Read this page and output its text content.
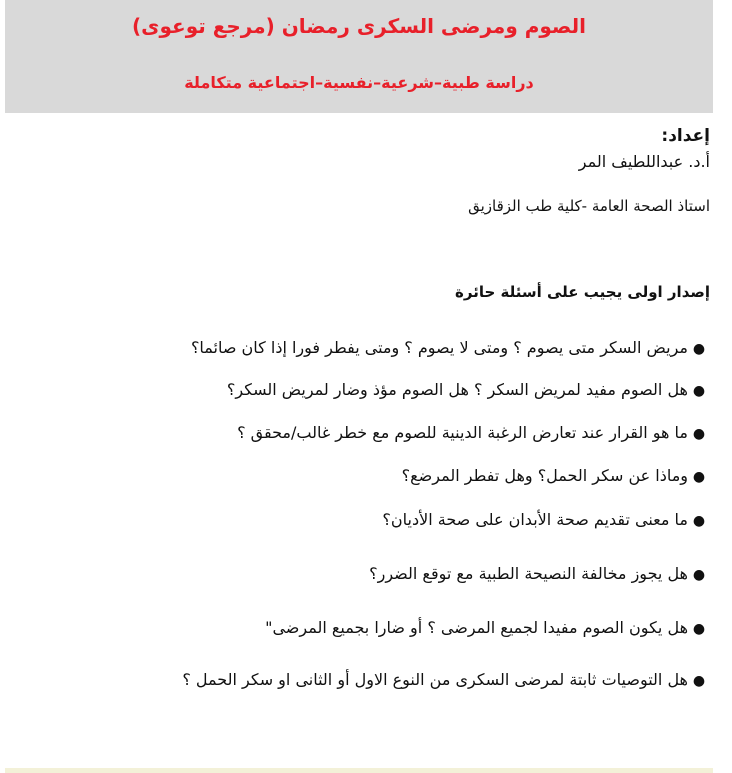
الصوم ومرضى السكرى رمضان (مرجع توعوى)
دراسة طبية–شرعية–نفسية–اجتماعية متكاملة
إعداد:
أ.د. عبداللطيف المر
استاذ الصحة العامة -كلية طب الزقازيق
إصدار اولى يجيب على أسئلة حائرة
●مريض السكر متى يصوم ؟ ومتى لا يصوم ؟ ومتى يفطر فورا إذا كان صائما؟
●هل الصوم مفيد لمريض السكر ؟ هل الصوم مؤذ وضار لمريض السكر؟
●ما هو القرار عند تعارض الرغبة الدينية للصوم مع خطر غالب/محقق ؟
●وماذا عن سكر الحمل؟ وهل تفطر المرضع؟
●ما معنى تقديم صحة الأبدان على صحة الأديان؟
●هل يجوز مخالفة النصيحة الطبية مع توقع الضرر؟
●هل يكون الصوم مفيدا لجميع المرضى ؟ أو ضارا بجميع المرضى"
●هل التوصيات ثابتة لمرضى السكرى من النوع الاول أو الثانى او سكر الحمل ؟
